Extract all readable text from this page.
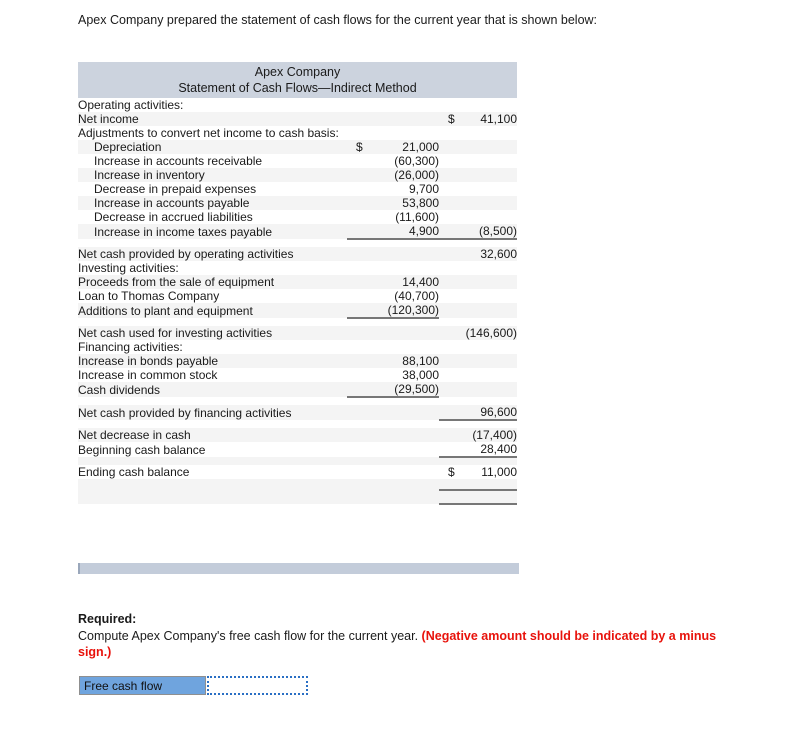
Apex Company prepared the statement of cash flows for the current year that is shown below:
Apex Company		
Statement of Cash Flows—Indirect Method		
Operating activities:		
Net income		$ 41,100
Adjustments to convert net income to cash basis:		
Depreciation	$ 21,000	
Increase in accounts receivable	(60,300)	
Increase in inventory	(26,000)	
Decrease in prepaid expenses	9,700	
Increase in accounts payable	53,800	
Decrease in accrued liabilities	(11,600)	
Increase in income taxes payable	4,900	(8,500)

Net cash provided by operating activities		32,600
Investing activities:		
Proceeds from the sale of equipment	14,400	
Loan to Thomas Company	(40,700)	
Additions to plant and equipment	(120,300)	

Net cash used for investing activities		(146,600)
Financing activities:		
Increase in bonds payable	88,100	
Increase in common stock	38,000	
Cash dividends	(29,500)	

Net cash provided by financing activities		96,600

Net decrease in cash		(17,400)
Beginning cash balance		28,400

Ending cash balance		$ 11,000

Required:
Compute Apex Company's free cash flow for the current year. (Negative amount should be indicated by a minus sign.)
Free cash flow
